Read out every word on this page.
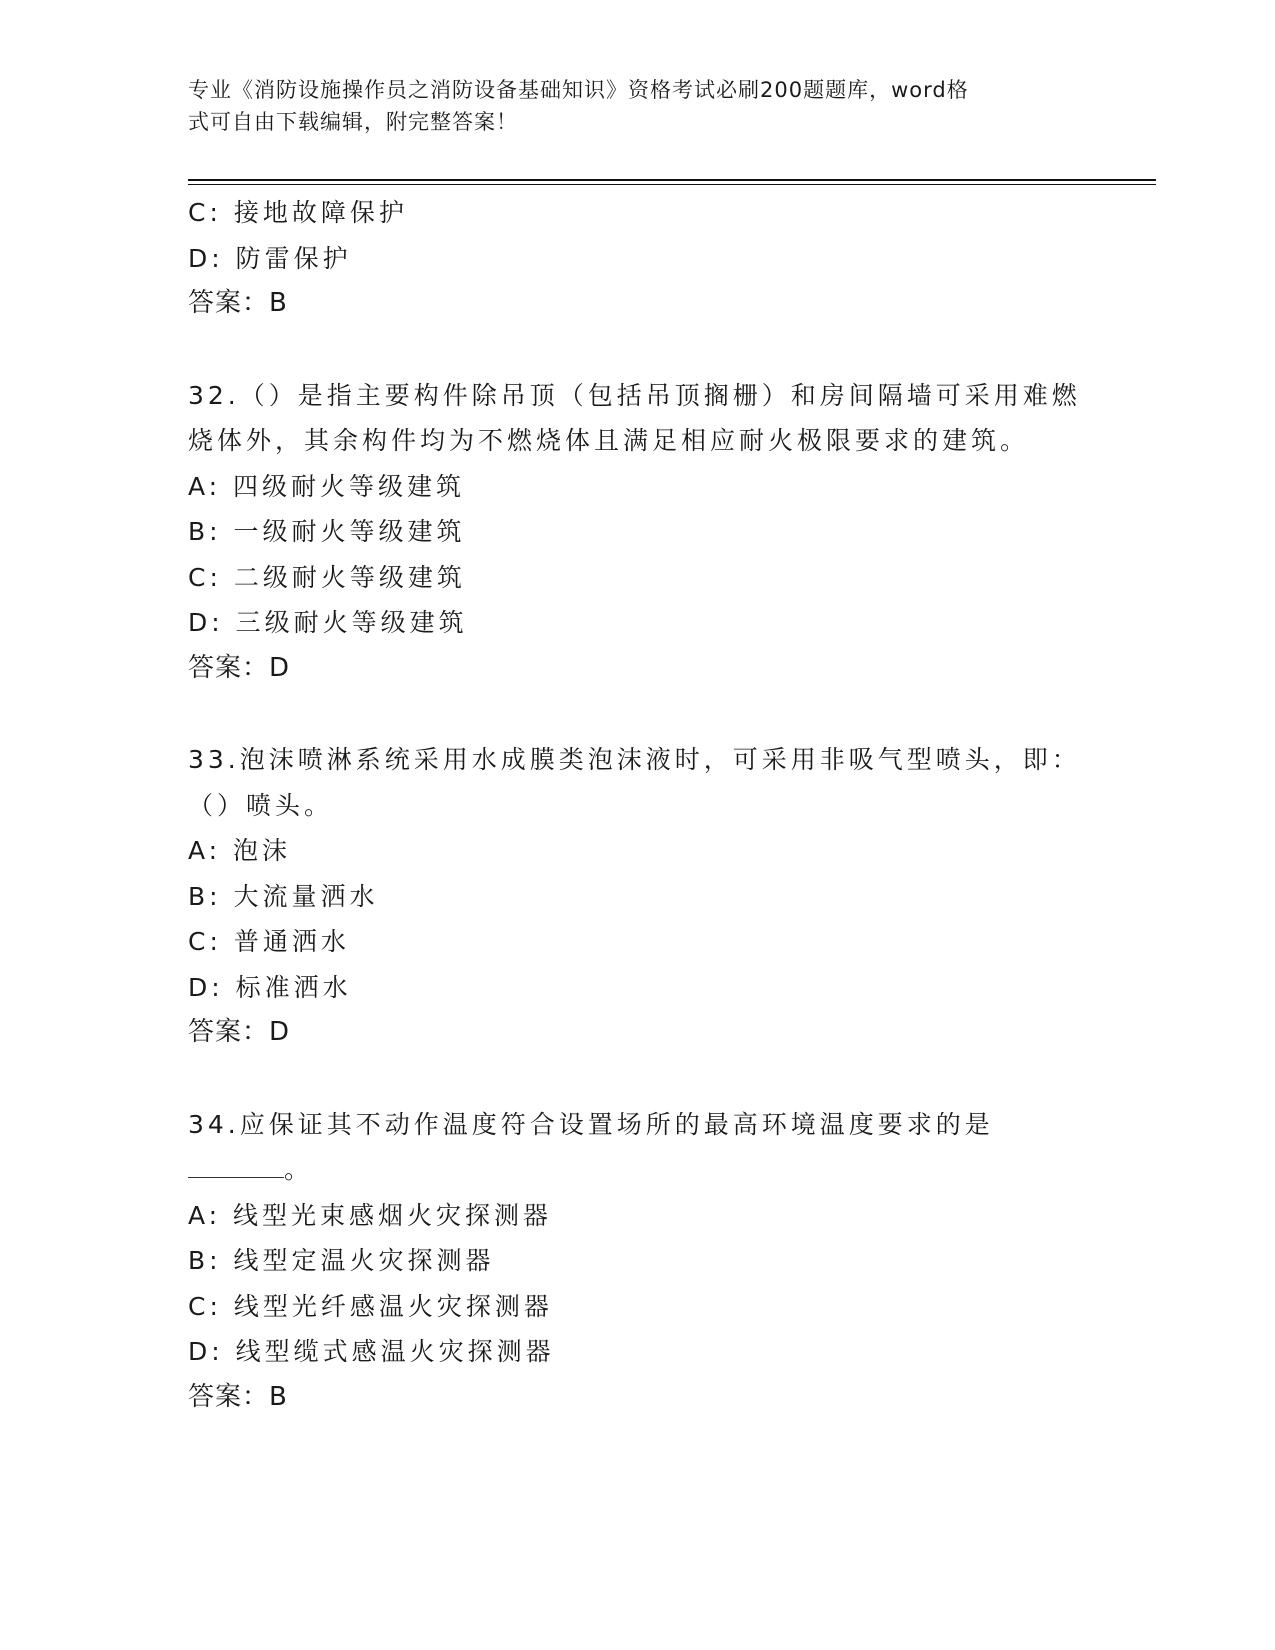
专业《消防设施操作员之消防设备基础知识》资格考试必刷200题题库，word格
式可自由下载编辑，附完整答案！
C: 接地故障保护
D: 防雷保护
答案：B
32.（）是指主要构件除吊顶（包括吊顶搁栅）和房间隔墙可采用难燃
烧体外，其余构件均为不燃烧体且满足相应耐火极限要求的建筑。
A: 四级耐火等级建筑
B: 一级耐火等级建筑
C: 二级耐火等级建筑
D: 三级耐火等级建筑
答案：D
33.泡沫喷淋系统采用水成膜类泡沫液时，可采用非吸气型喷头，即：
（）喷头。
A: 泡沫
B: 大流量洒水
C: 普通洒水
D: 标准洒水
答案：D
34.应保证其不动作温度符合设置场所的最高环境温度要求的是
。
A: 线型光束感烟火灾探测器
B: 线型定温火灾探测器
C: 线型光纤感温火灾探测器
D: 线型缆式感温火灾探测器
答案：B
